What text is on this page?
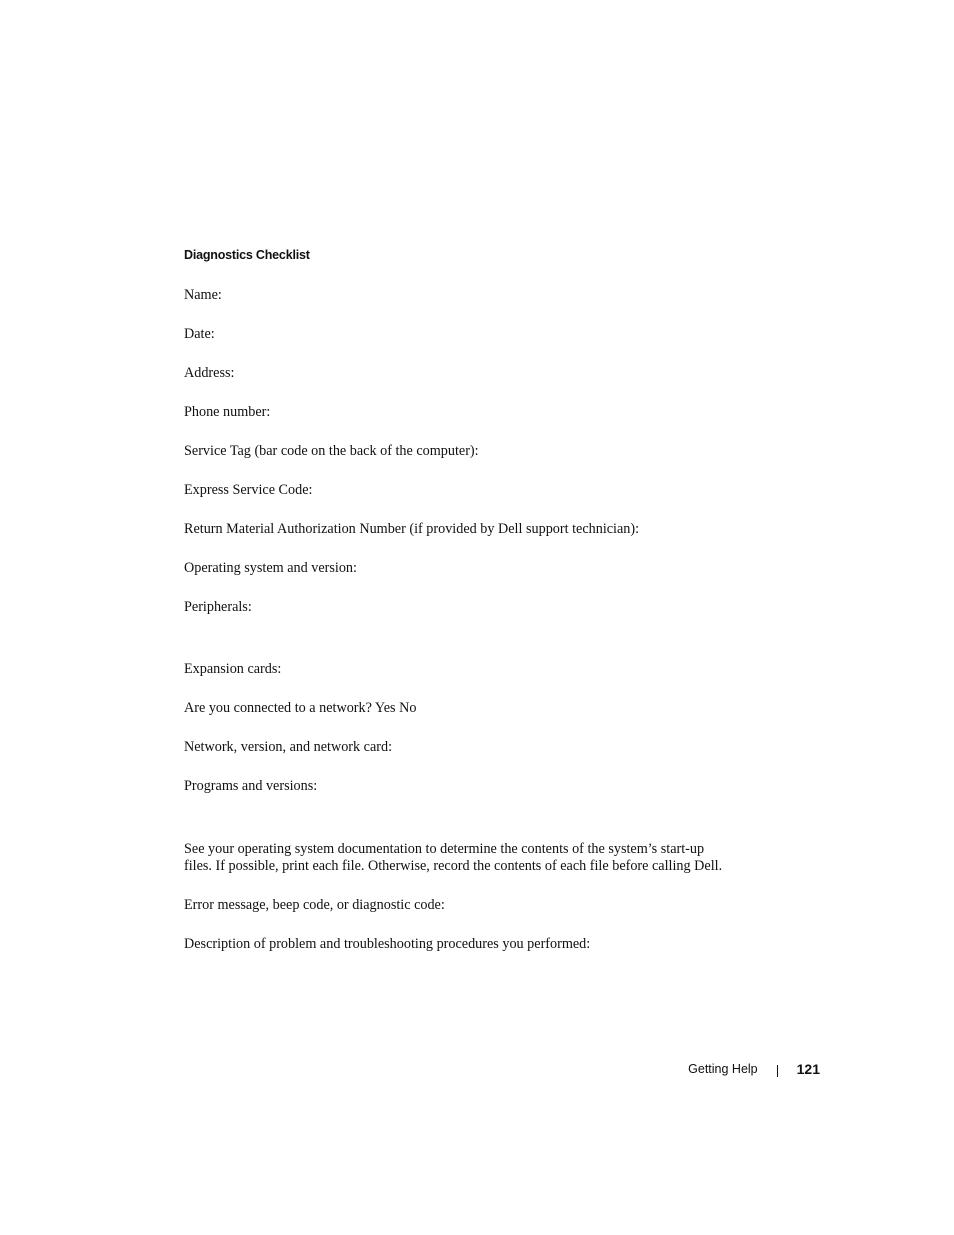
Diagnostics Checklist
Name:
Date:
Address:
Phone number:
Service Tag (bar code on the back of the computer):
Express Service Code:
Return Material Authorization Number (if provided by Dell support technician):
Operating system and version:
Peripherals:
Expansion cards:
Are you connected to a network? Yes No
Network, version, and network card:
Programs and versions:
See your operating system documentation to determine the contents of the system’s start-up
files. If possible, print each file. Otherwise, record the contents of each file before calling Dell.
Error message, beep code, or diagnostic code:
Description of problem and troubleshooting procedures you performed:
Getting Help	121
